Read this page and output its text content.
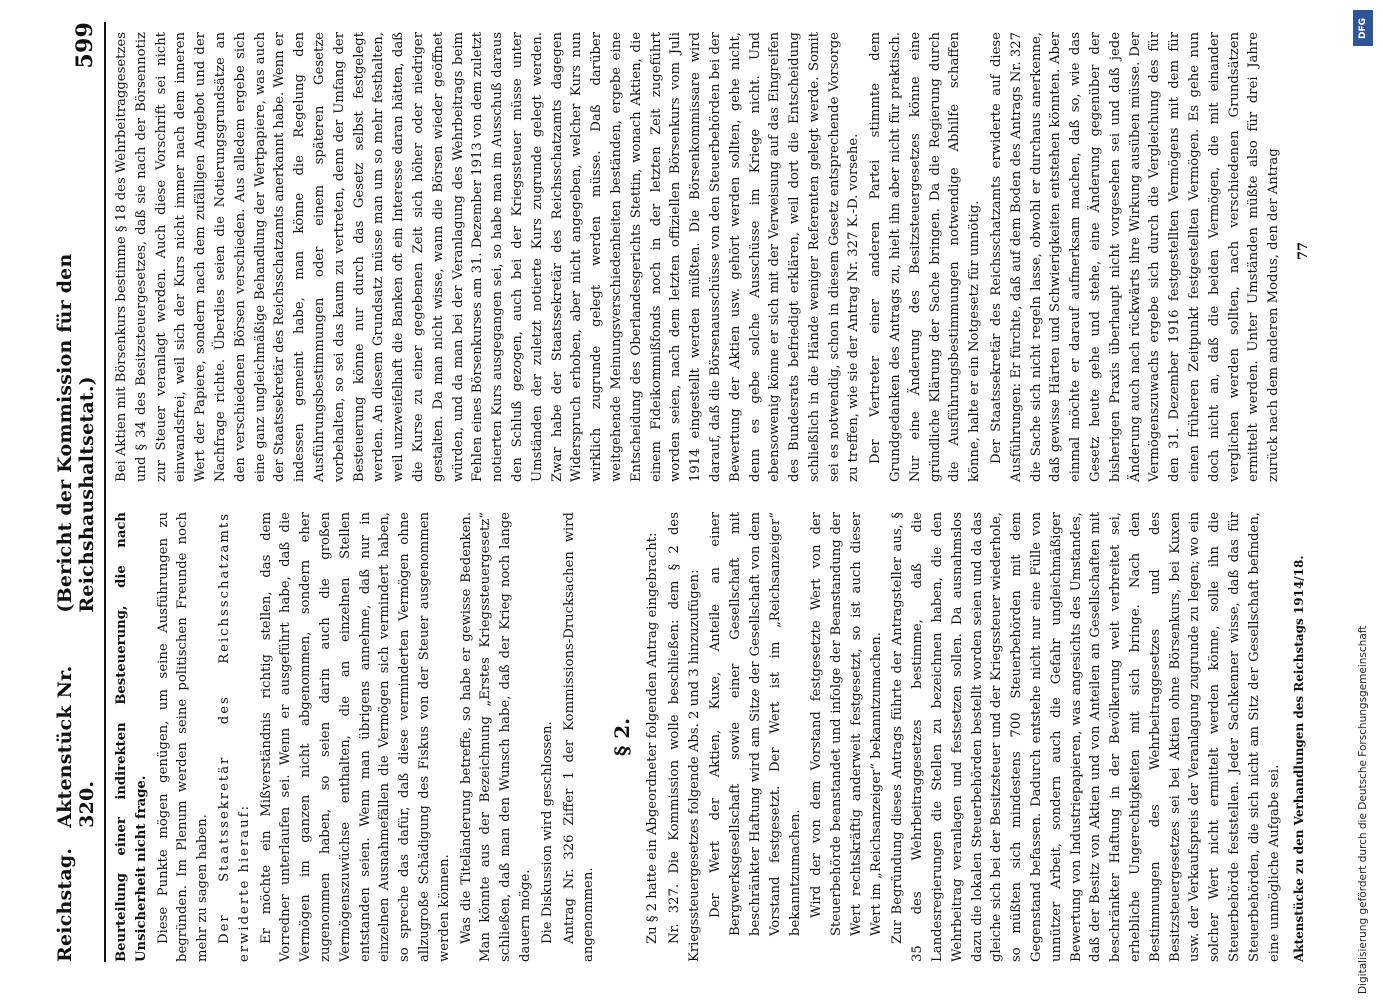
Reichstag.
Aktenstück Nr. 320.
(Bericht der Kommission für den Reichshaushaltsetat.)
599

Beurteilung einer indirekten Besteuerung, die nach Unsicherheit nicht frage. Diese Punkte mögen genügen, um seine Ausführungen zu begründen. Im Plenum werden seine politischen Freunde noch mehr zu sagen haben. Der Staatssekretär des Reichsschatzamts erwiderte hierauf: Er möchte ein Mißverständnis richtig stellen, das dem Vorredner unterlaufen sei. Wenn er ausgeführt habe, daß die Vermögen im ganzen nicht abgenommen, sondern eher zugenommen haben, so seien darin auch die großen Vermögenszuwüchse enthalten, die an einzelnen Stellen entstanden seien. Wenn man übrigens annehme, daß nur in einzelnen Ausnahmefällen die Vermögen sich vermindert haben, so spreche das dafür, daß diese verminderten Vermögen ohne allzugroße Schädigung des Fiskus von der Steuer ausgenommen werden können. Was die Titeländerung betreffe, so habe er gewisse Bedenken. Man könnte aus der Bezeichnung „Erstes Kriegssteuergesetz“ schließen, daß man den Wunsch habe, daß der Krieg noch lange dauern möge. Die Diskussion wird geschlossen. Antrag Nr. 326 Ziffer 1 der Kommissions-Drucksachen wird angenommen.

§ 2. Zu § 2 hatte ein Abgeordneter folgenden Antrag eingebracht: Nr. 327. Die Kommission wolle beschließen: dem § 2 des Kriegssteuergesetzes folgende Abs. 2 und 3 hinzuzufügen: Der Wert der Aktien, Kuxe, Anteile an einer Bergwerksgesellschaft sowie einer Gesellschaft mit beschränkter Haftung wird am Sitze der Gesellschaft von dem Vorstand festgesetzt. Der Wert ist im „Reichsanzeiger“ bekanntzumachen. Wird der von dem Vorstand festgesetzte Wert von der Steuerbehörde beanstandet und infolge der Beanstandung der Wert rechtskräftig anderweit festgesetzt, so ist auch dieser Wert im „Reichsanzeiger“ bekanntzumachen. Zur Begründung dieses Antrags führte der Antragsteller aus, § 35 des Wehrbeitraggesetzes bestimme, daß die Landesregierungen die Stellen zu bezeichnen haben, die den Wehrbeitrag veranlagen und festsetzen sollen. Da ausnahmslos dazu die lokalen Steuerbehörden bestellt worden seien und da das gleiche sich bei der Besitzsteuer und der Kriegssteuer wiederhole, so müßten sich mindestens 700 Steuerbehörden mit dem Gegenstand befassen. Dadurch entstehe nicht nur eine Fülle von unnützer Arbeit, sondern auch die Gefahr ungleichmäßiger Bewertung von Industriepapieren, was angesichts des Umstandes, daß der Besitz von Aktien und von Anteilen an Gesellschaften mit beschränkter Haftung in der Bevölkerung weit verbreitet sei, erhebliche Ungerechtigkeiten mit sich bringe. Nach den Bestimmungen des Wehrbeitraggesetzes und des Besitzsteuergesetzes sei bei Aktien ohne Börsenkurs, bei Kuxen usw. der Verkaufspreis der Veranlagung zugrunde zu legen; wo ein solcher Wert nicht ermittelt werden könne, solle ihn die Steuerbehörde feststellen. Jeder Sachkenner wisse, daß das für Steuerbehörden, die sich nicht am Sitz der Gesellschaft befinden, eine unmögliche Aufgabe sei. Aktenstücke zu den Verhandlungen des Reichstags 1914/18.

Bei Aktien mit Börsenkurs bestimme § 18 des Wehrbeitraggesetzes und § 34 des Besitzsteuergesetzes, daß sie nach der Börsennotiz zur Steuer veranlagt werden. Auch diese Vorschrift sei nicht einwandsfrei, weil sich der Kurs nicht immer nach dem inneren Wert der Papiere, sondern nach dem zufälligen Angebot und der Nachfrage richte. Überdies seien die Notierungsgrundsätze an den verschiedenen Börsen verschieden. Aus alledem ergebe sich eine ganz ungleichmäßige Behandlung der Wertpapiere, was auch der Staatssekretär des Reichsschatzamts anerkannt habe. Wenn er indessen gemeint habe, man könne die Regelung den Ausführungsbestimmungen oder einem späteren Gesetze vorbehalten, so sei das kaum zu vertreten, denn der Umfang der Besteuerung könne nur durch das Gesetz selbst festgelegt werden. An diesem Grundsatz müsse man um so mehr festhalten, weil unzweifelhaft die Banken oft ein Interesse daran hätten, daß die Kurse zu einer gegebenen Zeit sich höher oder niedriger gestalten. Da man nicht wisse, wann die Börsen wieder geöffnet würden, und da man bei der Veranlagung des Wehrbeitrags beim Fehlen eines Börsenkurses am 31. Dezember 1913 von dem zuletzt notierten Kurs ausgegangen sei, so habe man im Ausschuß daraus den Schluß gezogen, auch bei der Kriegssteuer müsse unter Umständen der zuletzt notierte Kurs zugrunde gelegt werden. Zwar habe der Staatssekretär des Reichsschatzamts dagegen Widerspruch erhoben, aber nicht angegeben, welcher Kurs nun wirklich zugrunde gelegt werden müsse. Daß darüber weitgehende Meinungsverschiedenheiten beständen, ergebe eine Entscheidung des Oberlandesgerichts Stettin, wonach Aktien, die einem Fideikommißfonds noch in der letzten Zeit zugeführt worden seien, nach dem letzten offiziellen Börsenkurs vom Juli 1914 eingestellt werden müßten. Die Börsenkommissare wird darauf, daß die Börsenausschüsse von den Steuerbehörden bei der Bewertung der Aktien usw. gehört werden sollten, gehe nicht, denn es gebe solche Ausschüsse im Kriege nicht. Und ebensowenig könne er sich mit der Verweisung auf das Eingreifen des Bundesrats befriedigt erklären, weil dort die Entscheidung schließlich in die Hände weniger Referenten gelegt werde. Somit sei es notwendig, schon in diesem Gesetz entsprechende Vorsorge zu treffen, wie sie der Antrag Nr. 327 K.-D. vorsehe. Der Vertreter einer anderen Partei stimmte dem Grundgedanken des Antrags zu, hielt ihn aber nicht für praktisch. Nur eine Änderung des Besitzsteuergesetzes könne eine gründliche Klärung der Sache bringen. Da die Regierung durch die Ausführungsbestimmungen notwendige Abhilfe schaffen könne, halte er ein Notgesetz für unnötig. Der Staatssekretär des Reichsschatzamts erwiderte auf diese Ausführungen: Er fürchte, daß auf dem Boden des Antrags Nr. 327 die Sache sich nicht regeln lasse, obwohl er durchaus anerkenne, daß gewisse Härten und Schwierigkeiten entstehen könnten. Aber einmal möchte er darauf aufmerksam machen, daß so, wie das Gesetz heute gehe und stehe, eine Änderung gegenüber der bisherigen Praxis überhaupt nicht vorgesehen sei und daß jede Änderung auch nach rückwärts ihre Wirkung ausüben müsse. Der Vermögenszuwachs ergebe sich durch die Vergleichung des für den 31. Dezember 1916 festgestellten Vermögens mit dem für einen früheren Zeitpunkt festgestellten Vermögen. Es gehe nun doch nicht an, daß die beiden Vermögen, die mit einander verglichen werden sollten, nach verschiedenen Grundsätzen ermittelt werden. Unter Umständen müßte also für drei Jahre zurück nach dem anderen Modus, den der Antrag 77
DFG
Digitalisierung gefördert durch die Deutsche Forschungsgemeinschaft
